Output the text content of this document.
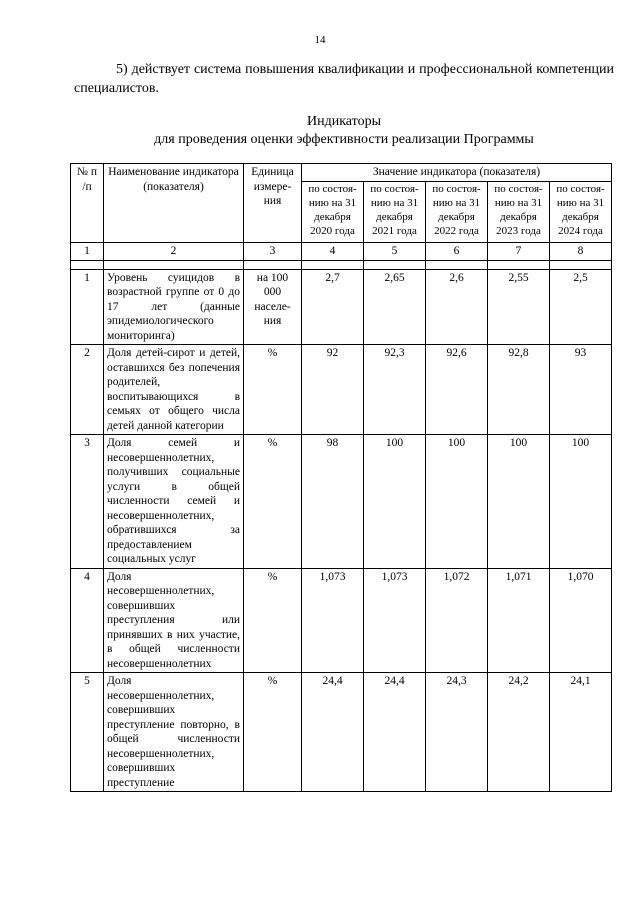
14
5) действует система повышения квалификации и профессиональной компетенции специалистов.
Индикаторы
для проведения оценки эффективности реализации Программы
№ п /п	Наименование индикатора (показателя)	Единица измере-ния	Значение индикатора (показателя)				
			по состоя-нию на 31 декабря 2020 года	по состоя-нию на 31 декабря 2021 года	по состоя-нию на 31 декабря 2022 года	по состоя-нию на 31 декабря 2023 года	по состоя-нию на 31 декабря 2024 года
1	2	3	4	5	6	7	8

1	Уровень суицидов в возрастной группе от 0 до 17 лет (данные эпидемиологического мониторинга)	на 100 000 населе-ния	2,7	2,65	2,6	2,55	2,5
2	Доля детей-сирот и детей, оставшихся без попечения родителей, воспитывающихся в семьях от общего числа детей данной категории	%	92	92,3	92,6	92,8	93
3	Доля семей и несовершеннолетних, получивших социальные услуги в общей численности семей и несовершеннолетних, обратившихся за предоставлением социальных услуг	%	98	100	100	100	100
4	Доля несовершеннолетних, совершивших преступления или принявших в них участие, в общей численности несовершеннолетних	%	1,073	1,073	1,072	1,071	1,070
5	Доля несовершеннолетних, совершивших преступление повторно, в общей численности несовершеннолетних, совершивших преступление	%	24,4	24,4	24,3	24,2	24,1
